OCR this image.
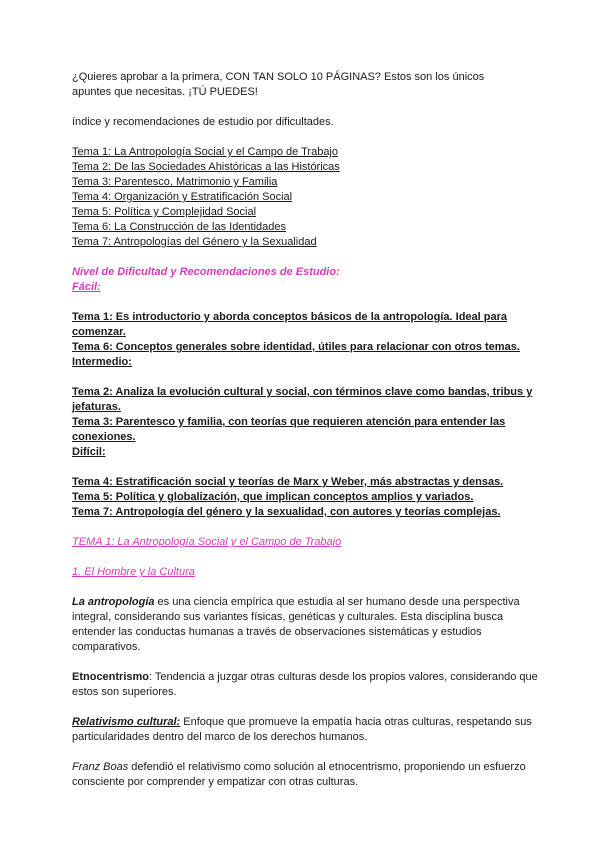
¿Quieres aprobar a la primera, CON TAN SOLO 10 PÁGINAS? Estos son los únicos

apuntes que necesitas. ¡TÚ PUEDES!

índice y recomendaciones de estudio por dificultades.

Tema 1: La Antropología Social y el Campo de Trabajo
Tema 2: De las Sociedades Ahistóricas a las Históricas
Tema 3: Parentesco, Matrimonio y Familia
Tema 4: Organización y Estratificación Social
Tema 5: Política y Complejidad Social
Tema 6: La Construcción de las Identidades
Tema 7: Antropologías del Género y la Sexualidad

Nivel de Dificultad y Recomendaciones de Estudio:

Fácil:

Tema 1: Es introductorio y aborda conceptos básicos de la antropología. Ideal para comenzar.
Tema 6: Conceptos generales sobre identidad, útiles para relacionar con otros temas.
Intermedio:
Tema 2: Analiza la evolución cultural y social, con términos clave como bandas, tribus y jefaturas.
Tema 3: Parentesco y familia, con teorías que requieren atención para entender las conexiones.
Difícil:
Tema 4: Estratificación social y teorías de Marx y Weber, más abstractas y densas.
Tema 5: Política y globalización, que implican conceptos amplios y variados.
Tema 7: Antropología del género y la sexualidad, con autores y teorías complejas.

TEMA 1: La Antropología Social y el Campo de Trabajo

1. El Hombre y la Cultura

La antropología es una ciencia empírica que estudia al ser humano desde una perspectiva integral, considerando sus variantes físicas, genéticas y culturales. Esta disciplina busca entender las conductas humanas a través de observaciones sistemáticas y estudios comparativos.

Etnocentrismo: Tendencia a juzgar otras culturas desde los propios valores, considerando que estos son superiores.

Relativismo cultural: Enfoque que promueve la empatía hacia otras culturas, respetando sus particularidades dentro del marco de los derechos humanos.

Franz Boas defendió el relativismo como solución al etnocentrismo, proponiendo un esfuerzo consciente por comprender y empatizar con otras culturas.
